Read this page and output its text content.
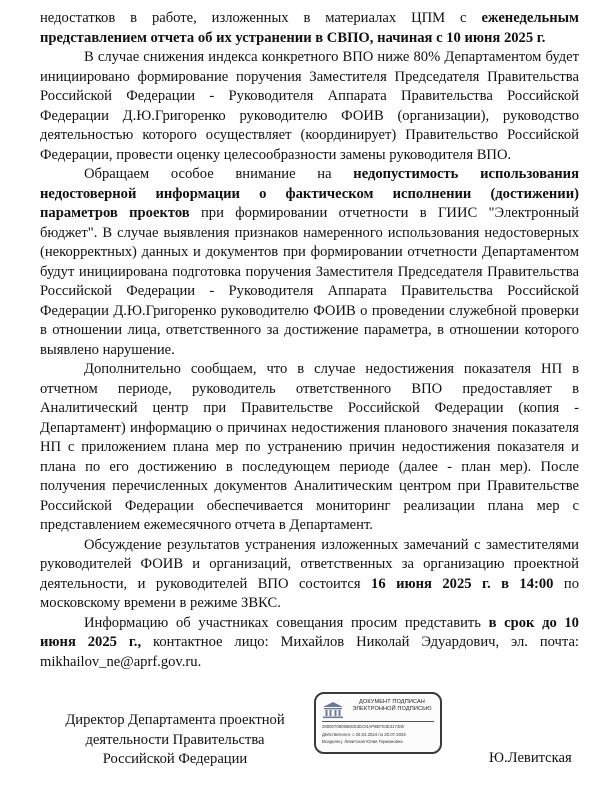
недостатков в работе, изложенных в материалах ЦПМ с еженедельным представлением отчета об их устранении в СВПО, начиная с 10 июня 2025 г.

В случае снижения индекса конкретного ВПО ниже 80% Департаментом будет инициировано формирование поручения Заместителя Председателя Правительства Российской Федерации - Руководителя Аппарата Правительства Российской Федерации Д.Ю.Григоренко руководителю ФОИВ (организации), руководство деятельностью которого осуществляет (координирует) Правительство Российской Федерации, провести оценку целесообразности замены руководителя ВПО.

Обращаем особое внимание на недопустимость использования недостоверной информации о фактическом исполнении (достижении) параметров проектов при формировании отчетности в ГИИС "Электронный бюджет". В случае выявления признаков намеренного использования недостоверных (некорректных) данных и документов при формировании отчетности Департаментом будут инициирована подготовка поручения Заместителя Председателя Правительства Российской Федерации - Руководителя Аппарата Правительства Российской Федерации Д.Ю.Григоренко руководителю ФОИВ о проведении служебной проверки в отношении лица, ответственного за достижение параметра, в отношении которого выявлено нарушение.

Дополнительно сообщаем, что в случае недостижения показателя НП в отчетном периоде, руководитель ответственного ВПО предоставляет в Аналитический центр при Правительстве Российской Федерации (копия - Департамент) информацию о причинах недостижения планового значения показателя НП с приложением плана мер по устранению причин недостижения показателя и плана по его достижению в последующем периоде (далее - план мер). После получения перечисленных документов Аналитическим центром при Правительстве Российской Федерации обеспечивается мониторинг реализации плана мер с представлением ежемесячного отчета в Департамент.

Обсуждение результатов устранения изложенных замечаний с заместителями руководителей ФОИВ и организаций, ответственных за организацию проектной деятельности, и руководителей ВПО состоится 16 июня 2025 г. в 14:00 по московскому времени в режиме ЗВКС.

Информацию об участниках совещания просим представить в срок до 10 июня 2025 г., контактное лицо: Михайлов Николай Эдуардович, эл. почта: mikhailov_ne@aprf.gov.ru.

Директор Департамента проектной
деятельности Правительства
Российской Федерации
ДОКУМЕНТ ПОДПИСАН
ЭЛЕКТРОННОЙ ПОДПИСЬЮ
28000708096EEE3ECNAP8EF03E317406
Действителен: с 25.04.2024 по 20.07.2025
Владелец: Левитская Юлия Германовна
Ю.Левитская
